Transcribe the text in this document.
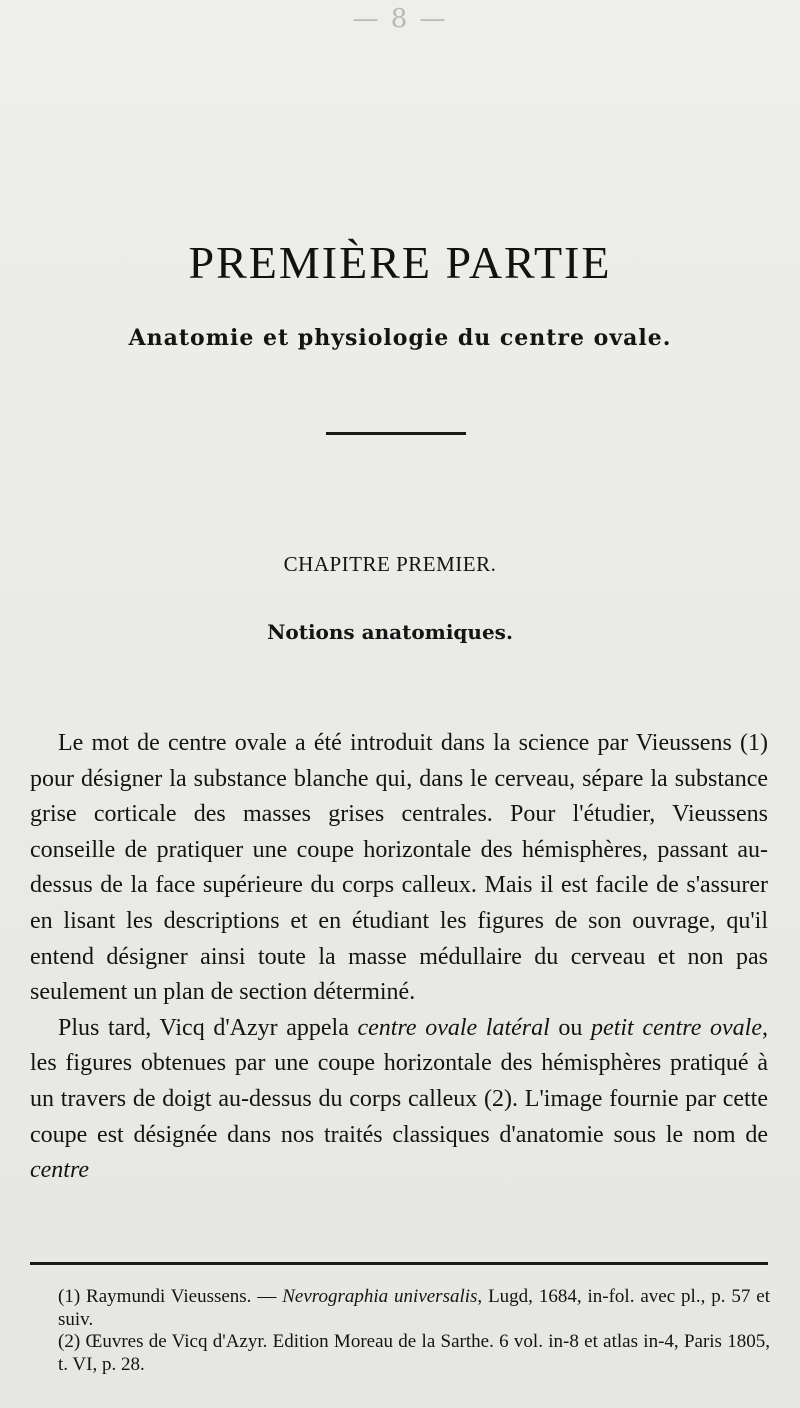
— 8 —
PREMIÈRE PARTIE
Anatomie et physiologie du centre ovale.
CHAPITRE PREMIER.
Notions anatomiques.

Le mot de centre ovale a été introduit dans la science par Vieussens (1) pour désigner la substance blanche qui, dans le cerveau, sépare la substance grise corticale des masses grises centrales. Pour l'étudier, Vieussens conseille de pratiquer une coupe horizontale des hémisphères, passant au-dessus de la face supérieure du corps calleux. Mais il est facile de s'assurer en lisant les descriptions et en étudiant les figures de son ouvrage, qu'il entend désigner ainsi toute la masse médullaire du cerveau et non pas seulement un plan de section déterminé.

Plus tard, Vicq d'Azyr appela centre ovale latéral ou petit centre ovale, les figures obtenues par une coupe horizontale des hémisphères pratiqué à un travers de doigt au-dessus du corps calleux (2). L'image fournie par cette coupe est désignée dans nos traités classiques d'anatomie sous le nom de centre

(1) Raymundi Vieussens. — Nevrographia universalis, Lugd, 1684, in-fol. avec pl., p. 57 et suiv.

(2) Œuvres de Vicq d'Azyr. Edition Moreau de la Sarthe. 6 vol. in-8 et atlas in-4, Paris 1805, t. VI, p. 28.
